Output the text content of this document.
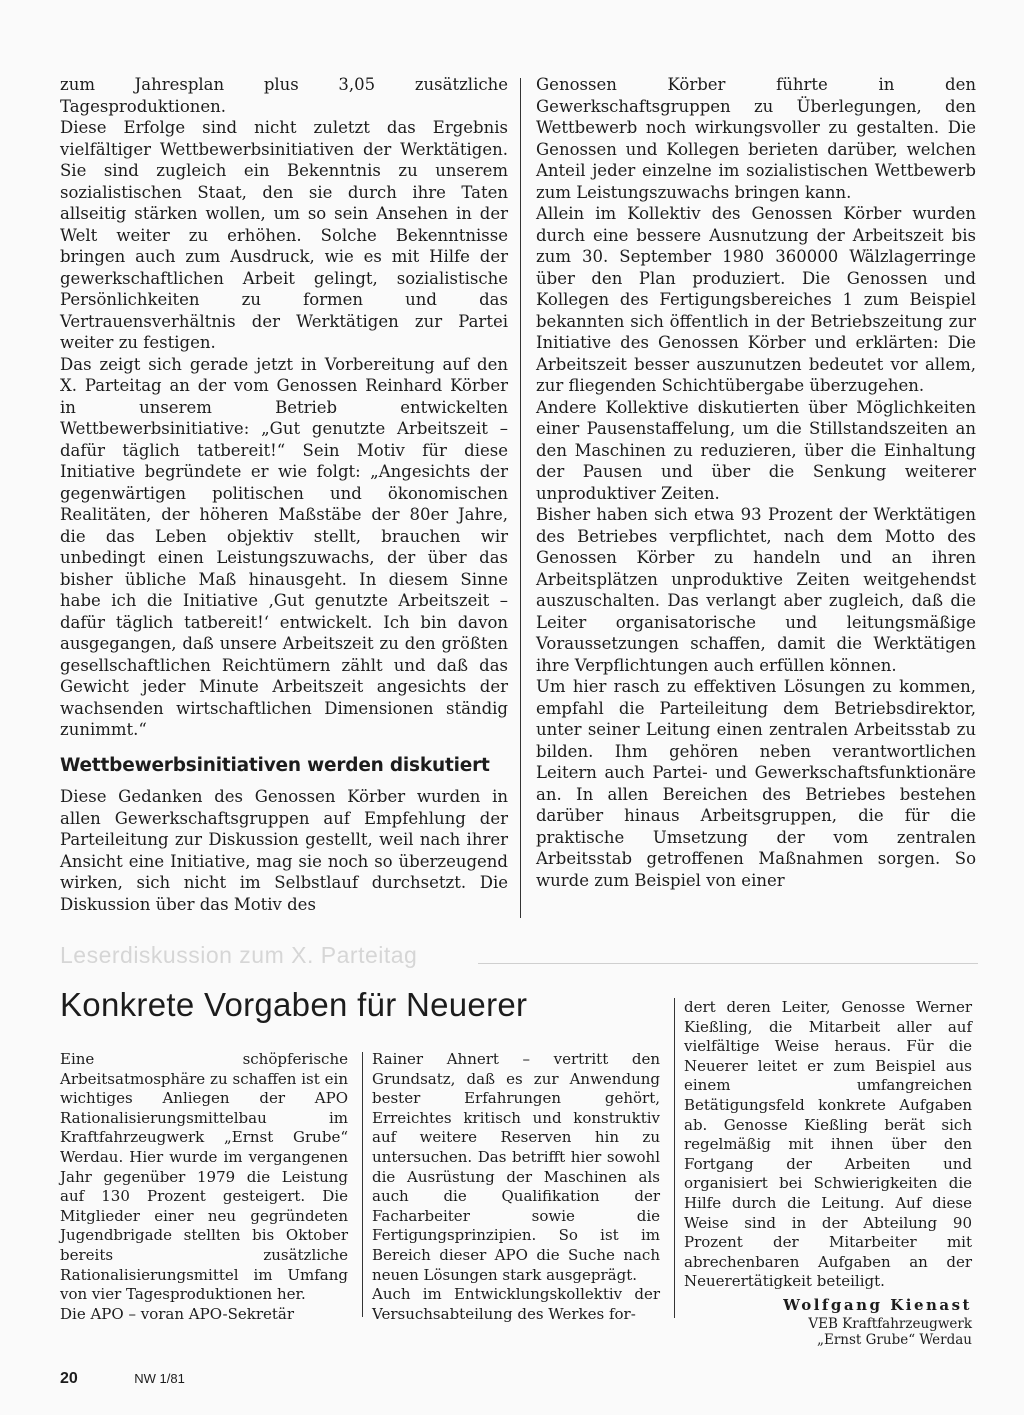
zum Jahresplan plus 3,05 zusätzliche Tagesproduktionen.

Diese Erfolge sind nicht zuletzt das Ergebnis vielfältiger Wettbewerbsinitiativen der Werktätigen. Sie sind zugleich ein Bekenntnis zu unserem sozialistischen Staat, den sie durch ihre Taten allseitig stärken wollen, um so sein Ansehen in der Welt weiter zu erhöhen. Solche Bekenntnisse bringen auch zum Ausdruck, wie es mit Hilfe der gewerkschaftlichen Arbeit gelingt, sozialistische Persönlichkeiten zu formen und das Vertrauensverhältnis der Werktätigen zur Partei weiter zu festigen.

Das zeigt sich gerade jetzt in Vorbereitung auf den X. Parteitag an der vom Genossen Reinhard Körber in unserem Betrieb entwickelten Wettbewerbsinitiative: „Gut genutzte Arbeitszeit – dafür täglich tatbereit!“ Sein Motiv für diese Initiative begründete er wie folgt: „Angesichts der gegenwärtigen politischen und ökonomischen Realitäten, der höheren Maßstäbe der 80er Jahre, die das Leben objektiv stellt, brauchen wir unbedingt einen Leistungszuwachs, der über das bisher übliche Maß hinausgeht. In diesem Sinne habe ich die Initiative ‚Gut genutzte Arbeitszeit – dafür täglich tatbereit!‘ entwickelt. Ich bin davon ausgegangen, daß unsere Arbeitszeit zu den größten gesellschaftlichen Reichtümern zählt und daß das Gewicht jeder Minute Arbeitszeit angesichts der wachsenden wirtschaftlichen Dimensionen ständig zunimmt.“

Wettbewerbsinitiativen werden diskutiert

Diese Gedanken des Genossen Körber wurden in allen Gewerkschaftsgruppen auf Empfehlung der Parteileitung zur Diskussion gestellt, weil nach ihrer Ansicht eine Initiative, mag sie noch so überzeugend wirken, sich nicht im Selbstlauf durchsetzt. Die Diskussion über das Motiv des

Genossen Körber führte in den Gewerkschaftsgruppen zu Überlegungen, den Wettbewerb noch wirkungsvoller zu gestalten. Die Genossen und Kollegen berieten darüber, welchen Anteil jeder einzelne im sozialistischen Wettbewerb zum Leistungszuwachs bringen kann.

Allein im Kollektiv des Genossen Körber wurden durch eine bessere Ausnutzung der Arbeitszeit bis zum 30. September 1980 360000 Wälzlagerringe über den Plan produziert. Die Genossen und Kollegen des Fertigungsbereiches 1 zum Beispiel bekannten sich öffentlich in der Betriebszeitung zur Initiative des Genossen Körber und erklärten: Die Arbeitszeit besser auszunutzen bedeutet vor allem, zur fliegenden Schichtübergabe überzugehen.

Andere Kollektive diskutierten über Möglichkeiten einer Pausenstaffelung, um die Stillstandszeiten an den Maschinen zu reduzieren, über die Einhaltung der Pausen und über die Senkung weiterer unproduktiver Zeiten.

Bisher haben sich etwa 93 Prozent der Werktätigen des Betriebes verpflichtet, nach dem Motto des Genossen Körber zu handeln und an ihren Arbeitsplätzen unproduktive Zeiten weitgehendst auszuschalten. Das verlangt aber zugleich, daß die Leiter organisatorische und leitungsmäßige Voraussetzungen schaffen, damit die Werktätigen ihre Verpflichtungen auch erfüllen können.

Um hier rasch zu effektiven Lösungen zu kommen, empfahl die Parteileitung dem Betriebsdirektor, unter seiner Leitung einen zentralen Arbeitsstab zu bilden. Ihm gehören neben verantwortlichen Leitern auch Partei- und Gewerkschaftsfunktionäre an. In allen Bereichen des Betriebes bestehen darüber hinaus Arbeitsgruppen, die für die praktische Umsetzung der vom zentralen Arbeitsstab getroffenen Maßnahmen sorgen. So wurde zum Beispiel von einer

Leserdiskussion zum X. Parteitag
Konkrete Vorgaben für Neuerer

Eine schöpferische Arbeitsatmosphäre zu schaffen ist ein wichtiges Anliegen der APO Rationalisierungsmittelbau im Kraftfahrzeugwerk „Ernst Grube“ Werdau. Hier wurde im vergangenen Jahr gegenüber 1979 die Leistung auf 130 Prozent gesteigert. Die Mitglieder einer neu gegründeten Jugendbrigade stellten bis Oktober bereits zusätzliche Rationalisierungsmittel im Umfang von vier Tagesproduktionen her.

Die APO – voran APO-Sekretär

Rainer Ahnert – vertritt den Grundsatz, daß es zur Anwendung bester Erfahrungen gehört, Erreichtes kritisch und konstruktiv auf weitere Reserven hin zu untersuchen. Das betrifft hier sowohl die Ausrüstung der Maschinen als auch die Qualifikation der Facharbeiter sowie die Fertigungsprinzipien. So ist im Bereich dieser APO die Suche nach neuen Lösungen stark ausgeprägt.

Auch im Entwicklungskollektiv der Versuchsabteilung des Werkes for-

dert deren Leiter, Genosse Werner Kießling, die Mitarbeit aller auf vielfältige Weise heraus. Für die Neuerer leitet er zum Beispiel aus einem umfangreichen Betätigungsfeld konkrete Aufgaben ab. Genosse Kießling berät sich regelmäßig mit ihnen über den Fortgang der Arbeiten und organisiert bei Schwierigkeiten die Hilfe durch die Leitung. Auf diese Weise sind in der Abteilung 90 Prozent der Mitarbeiter mit abrechenbaren Aufgaben an der Neuerertätigkeit beteiligt.

Wolfgang Kienast

VEB Kraftfahrzeugwerk

„Ernst Grube“ Werdau

20	NW 1/81
